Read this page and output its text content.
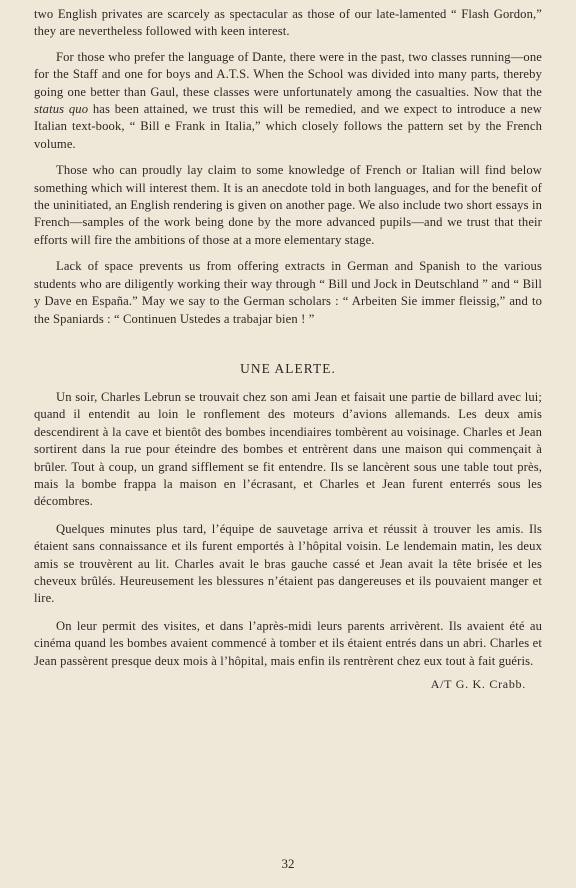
two English privates are scarcely as spectacular as those of our late-lamented “ Flash Gordon,” they are nevertheless followed with keen interest.

For those who prefer the language of Dante, there were in the past, two classes running—one for the Staff and one for boys and A.T.S. When the School was divided into many parts, thereby going one better than Gaul, these classes were unfortunately among the casualties. Now that the status quo has been attained, we trust this will be remedied, and we expect to introduce a new Italian text-book, “ Bill e Frank in Italia,” which closely follows the pattern set by the French volume.

Those who can proudly lay claim to some knowledge of French or Italian will find below something which will interest them. It is an anecdote told in both languages, and for the benefit of the uninitiated, an English rendering is given on another page. We also include two short essays in French—samples of the work being done by the more advanced pupils—and we trust that their efforts will fire the ambitions of those at a more elementary stage.

Lack of space prevents us from offering extracts in German and Spanish to the various students who are diligently working their way through “ Bill und Jock in Deutschland ” and “ Bill y Dave en España.” May we say to the German scholars : “ Arbeiten Sie immer fleissig,” and to the Spaniards : “ Continuen Ustedes a trabajar bien ! ”

UNE ALERTE.

Un soir, Charles Lebrun se trouvait chez son ami Jean et faisait une partie de billard avec lui; quand il entendit au loin le ronflement des moteurs d’avions allemands. Les deux amis descendirent à la cave et bientôt des bombes incendiaires tombèrent au voisinage. Charles et Jean sortirent dans la rue pour éteindre des bombes et entrèrent dans une maison qui commençait à brûler. Tout à coup, un grand sifflement se fit entendre. Ils se lancèrent sous une table tout près, mais la bombe frappa la maison en l’écrasant, et Charles et Jean furent enterrés sous les décombres.

Quelques minutes plus tard, l’équipe de sauvetage arriva et réussit à trouver les amis. Ils étaient sans connaissance et ils furent emportés à l’hôpital voisin. Le lendemain matin, les deux amis se trouvèrent au lit. Charles avait le bras gauche cassé et Jean avait la tête brisée et les cheveux brûlés. Heureusement les blessures n’étaient pas dangereuses et ils pouvaient manger et lire.

On leur permit des visites, et dans l’après-midi leurs parents arrivèrent. Ils avaient été au cinéma quand les bombes avaient commencé à tomber et ils étaient entrés dans un abri. Charles et Jean passèrent presque deux mois à l’hôpital, mais enfin ils rentrèrent chez eux tout à fait guéris.

A/T G. K. Crabb.

32
